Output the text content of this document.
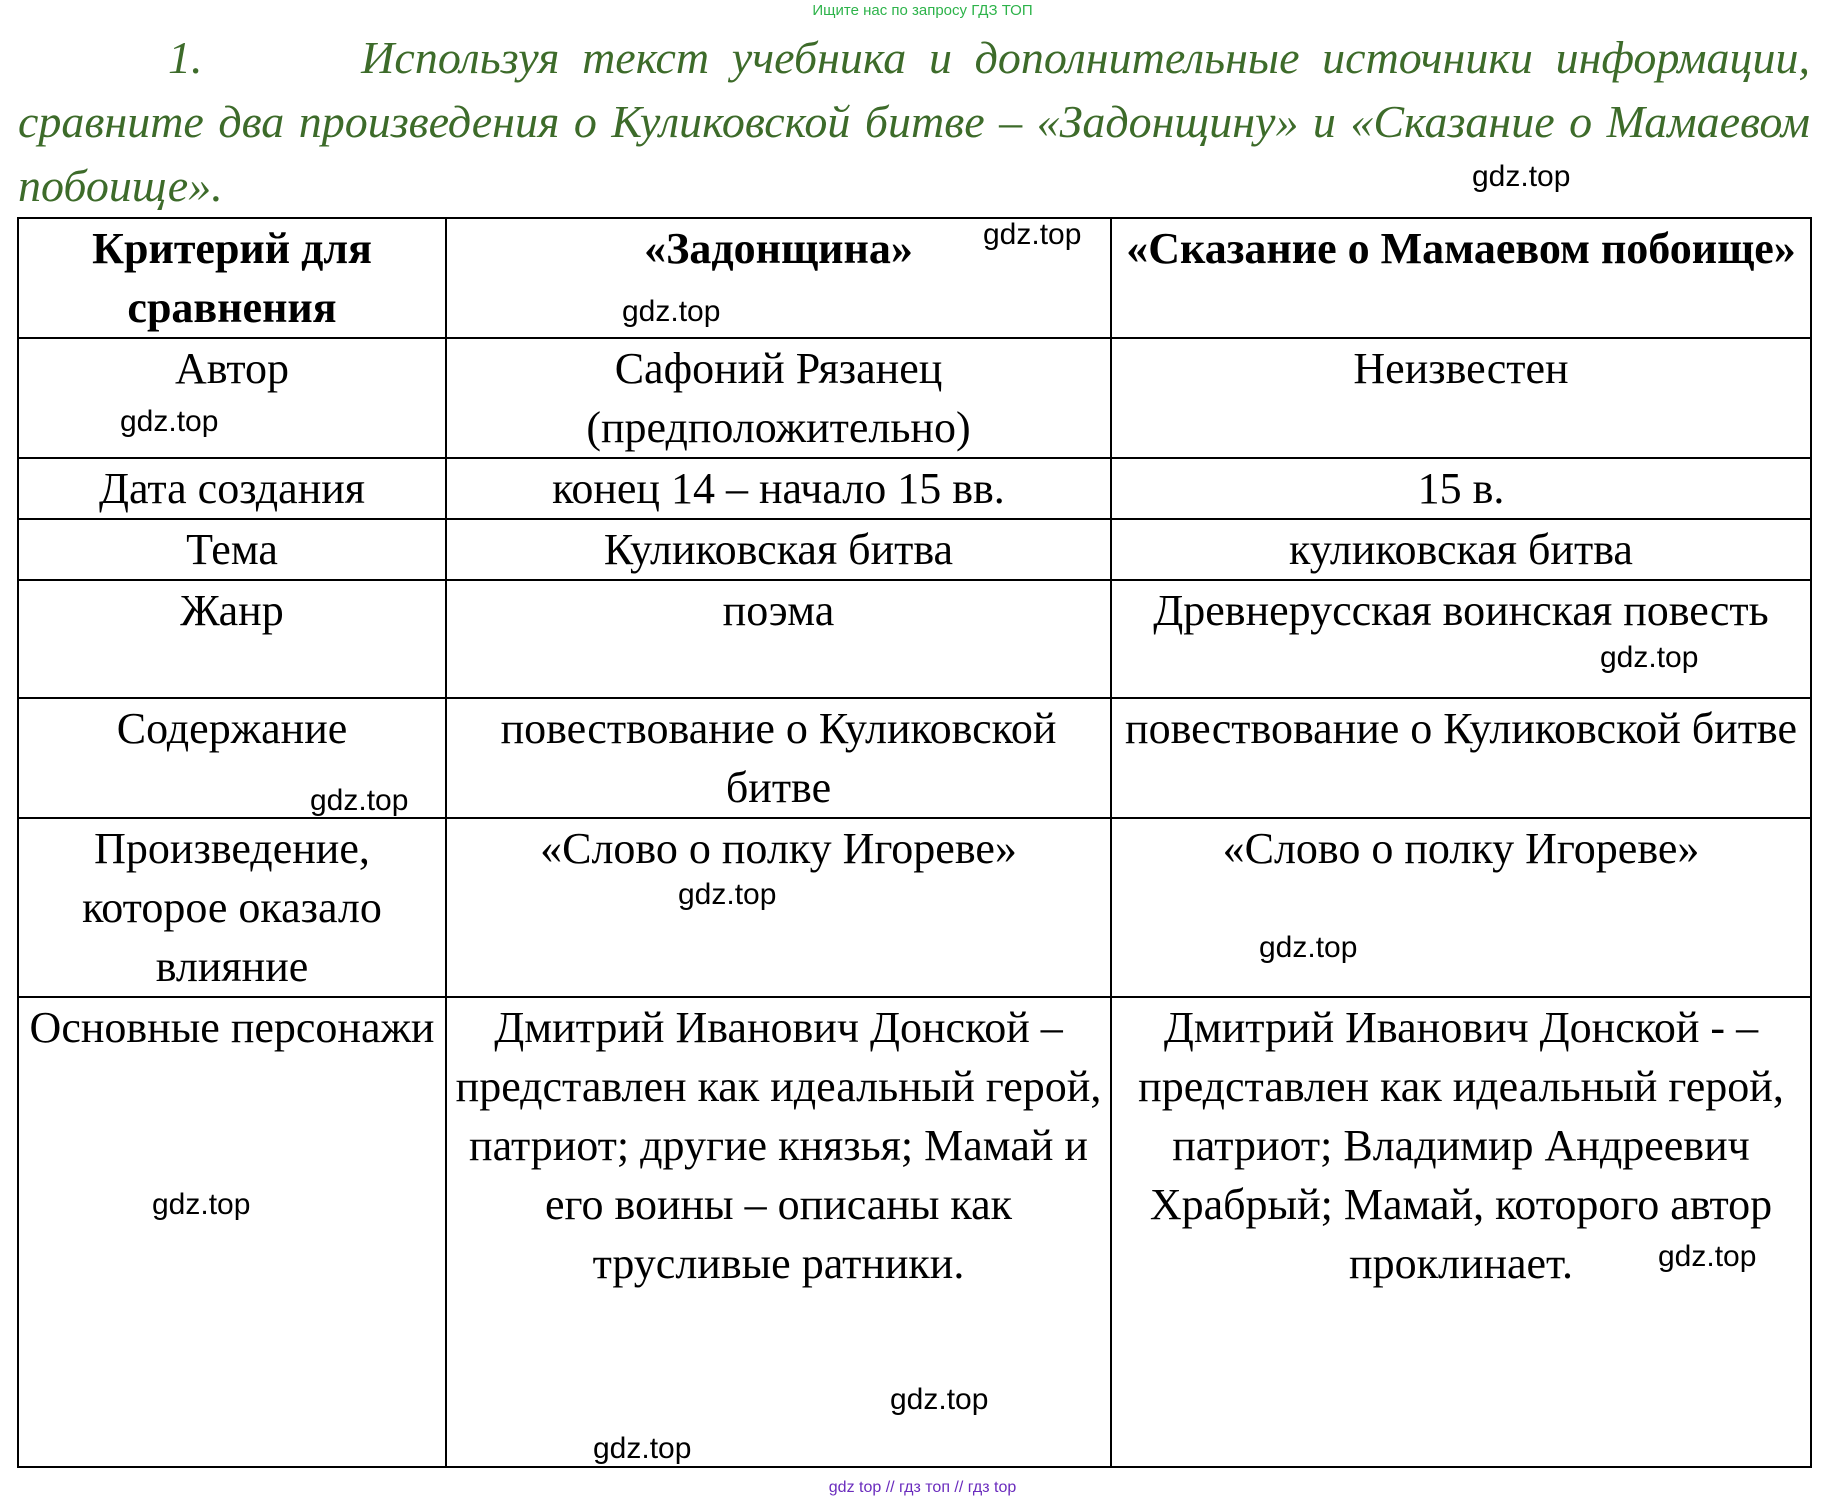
Ищите нас по запросу ГДЗ ТОП
1.       Используя текст учебника и дополнительные источники информации, сравните два произведения о Куликовской битве – «Задонщину» и «Сказание о Мамаевом побоище».
Критерий для сравнения	«Задонщина»	«Сказание о Мамаевом побоище»
Автор	Сафоний Рязанец (предположительно)	Неизвестен
Дата создания	конец 14 – начало 15 вв.	15 в.
Тема	Куликовская битва	куликовская битва
Жанр	поэма	Древнерусская воинская повесть
Содержание	повествование о Куликовской битве	повествование о Куликовской битве
Произведение, которое оказало влияние	«Слово о полку Игореве»	«Слово о полку Игореве»
Основные персонажи	Дмитрий Иванович Донской – представлен как идеальный герой, патриот; другие князья; Мамай и его воины – описаны как трусливые ратники.	Дмитрий Иванович Донской - – представлен как идеальный герой, патриот; Владимир Андреевич Храбрый; Мамай, которого автор проклинает.
gdz.top
gdz.top
gdz.top
gdz.top
gdz.top
gdz.top
gdz.top
gdz.top
gdz.top
gdz.top
gdz.top
gdz.top
gdz top // гдз топ // гдз top
